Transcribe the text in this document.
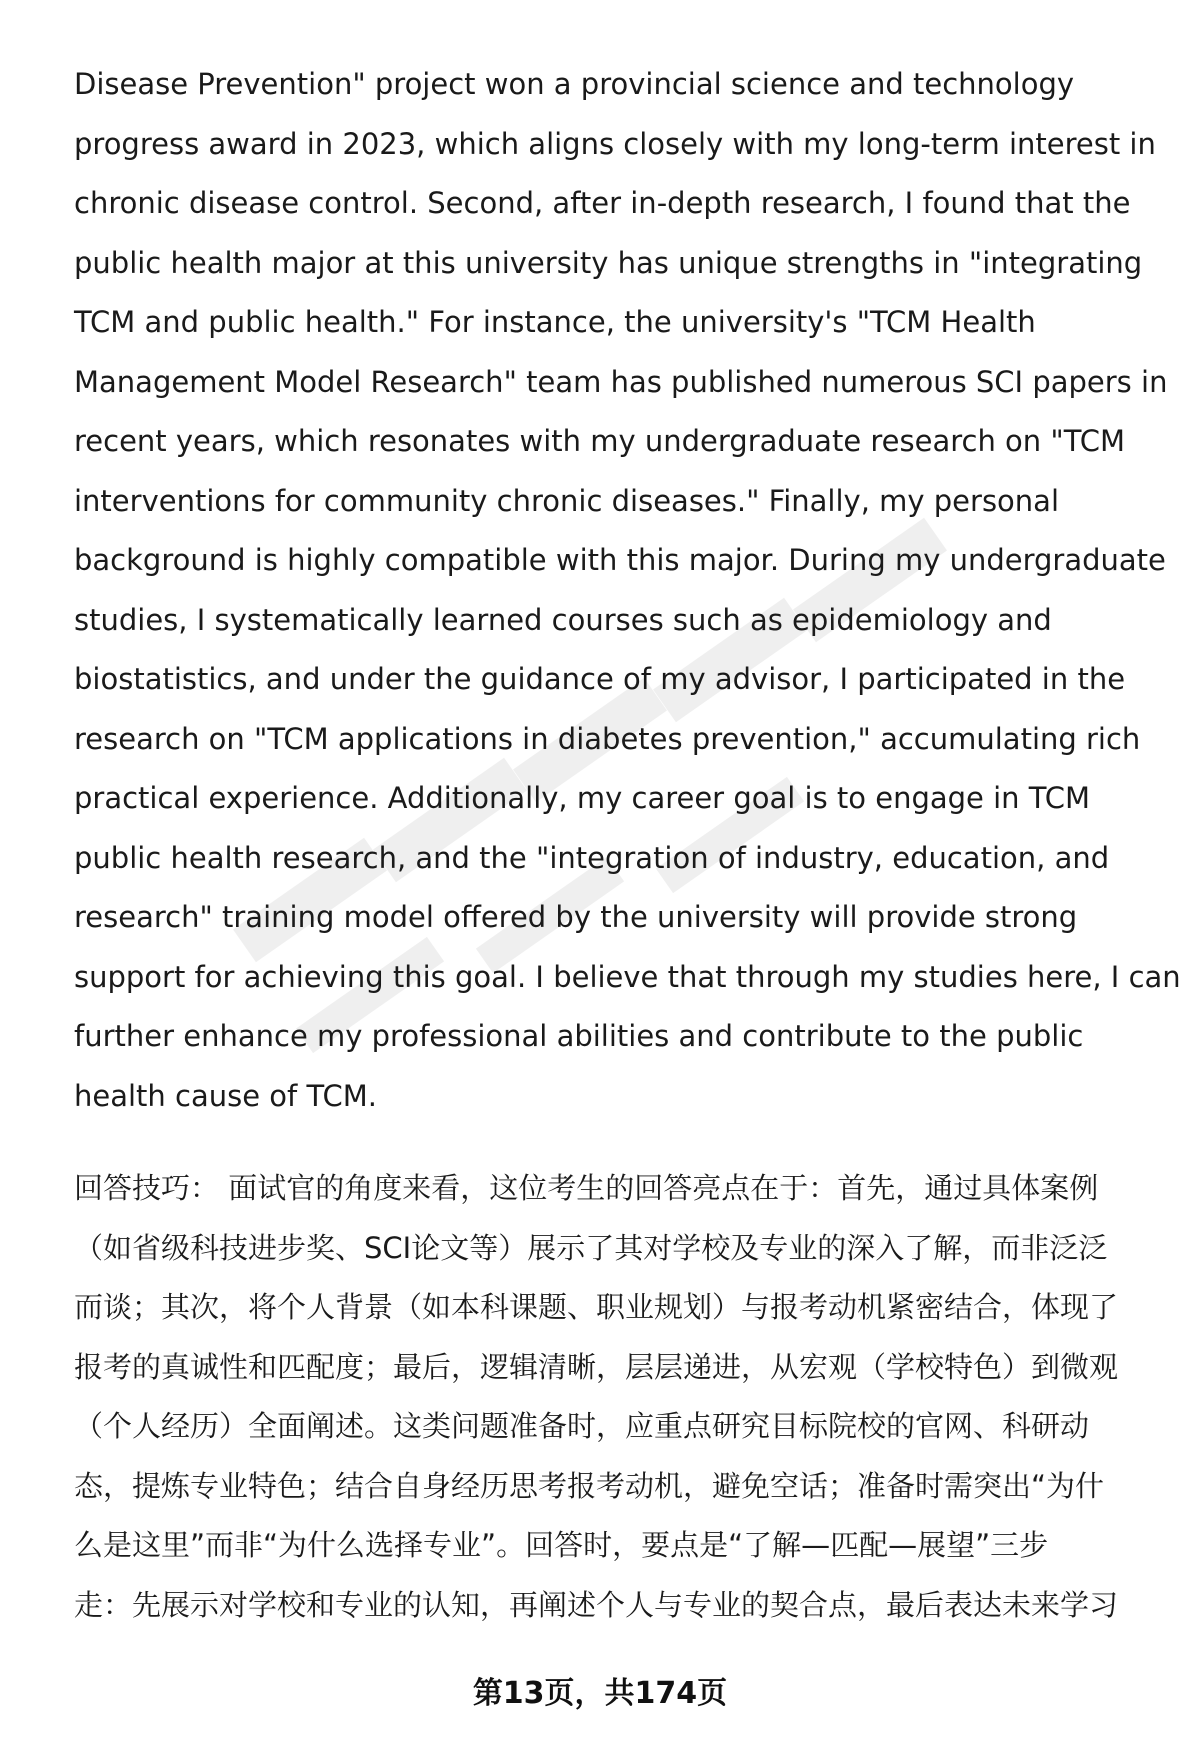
Disease Prevention" project won a provincial science and technology
progress award in 2023, which aligns closely with my long-term interest in
chronic disease control. Second, after in-depth research, I found that the
public health major at this university has unique strengths in "integrating
TCM and public health." For instance, the university's "TCM Health
Management Model Research" team has published numerous SCI papers in
recent years, which resonates with my undergraduate research on "TCM
interventions for community chronic diseases." Finally, my personal
background is highly compatible with this major. During my undergraduate
studies, I systematically learned courses such as epidemiology and
biostatistics, and under the guidance of my advisor, I participated in the
research on "TCM applications in diabetes prevention," accumulating rich
practical experience. Additionally, my career goal is to engage in TCM
public health research, and the "integration of industry, education, and
research" training model offered by the university will provide strong
support for achieving this goal. I believe that through my studies here, I can
further enhance my professional abilities and contribute to the public
health cause of TCM.
回答技巧： 面试官的角度来看，这位考生的回答亮点在于：首先，通过具体案例
（如省级科技进步奖、SCI论文等）展示了其对学校及专业的深入了解，而非泛泛
而谈；其次，将个人背景（如本科课题、职业规划）与报考动机紧密结合，体现了
报考的真诚性和匹配度；最后，逻辑清晰，层层递进，从宏观（学校特色）到微观
（个人经历）全面阐述。这类问题准备时，应重点研究目标院校的官网、科研动
态，提炼专业特色；结合自身经历思考报考动机，避免空话；准备时需突出“为什
么是这里”而非“为什么选择专业”。回答时，要点是“了解—匹配—展望”三步
走：先展示对学校和专业的认知，再阐述个人与专业的契合点，最后表达未来学习
第13页，共174页
